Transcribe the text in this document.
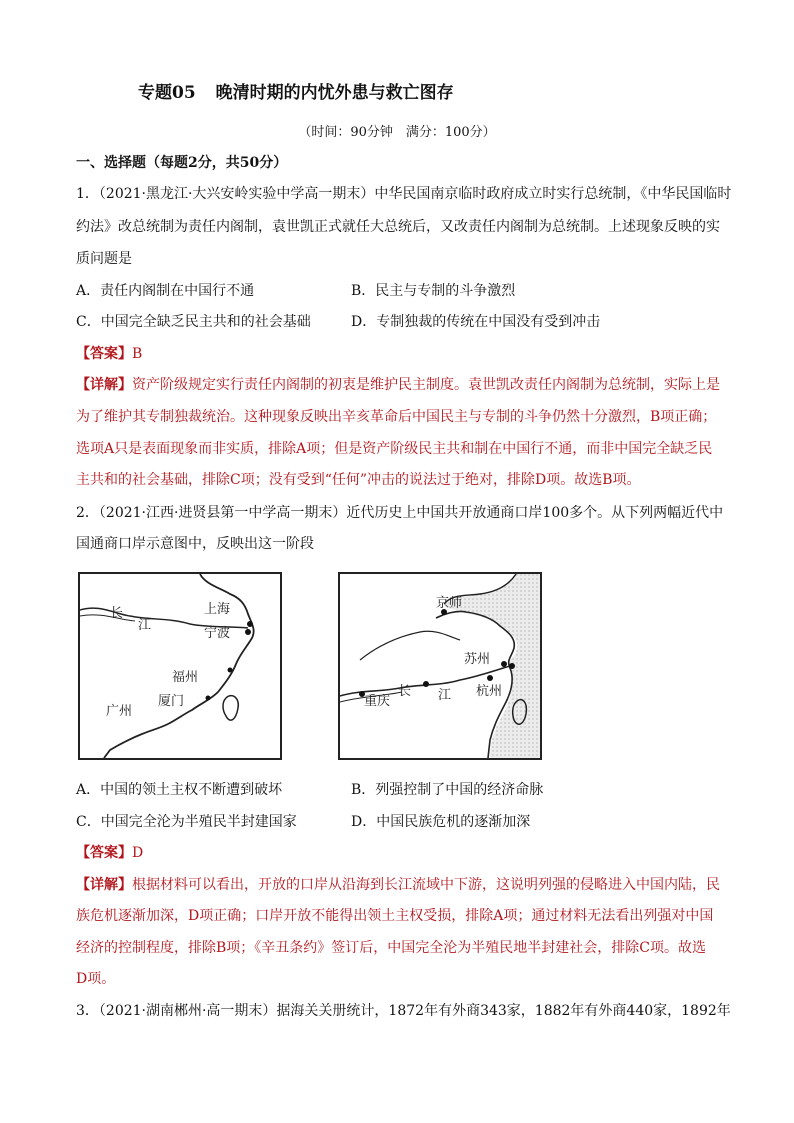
专题05 晚清时期的内忧外患与救亡图存
（时间：90分钟　满分：100分）
一、选择题（每题2分，共50分）
1．（2021·黑龙江·大兴安岭实验中学高一期末）中华民国南京临时政府成立时实行总统制，《中华民国临时
约法》改总统制为责任内阁制，袁世凯正式就任大总统后，又改责任内阁制为总统制。上述现象反映的实
质问题是
A．责任内阁制在中国行不通	B．民主与专制的斗争激烈
C．中国完全缺乏民主共和的社会基础	D．专制独裁的传统在中国没有受到冲击
【答案】B
【详解】资产阶级规定实行责任内阁制的初衷是维护民主制度。袁世凯改责任内阁制为总统制，实际上是
为了维护其专制独裁统治。这种现象反映出辛亥革命后中国民主与专制的斗争仍然十分激烈，B项正确；
选项A只是表面现象而非实质，排除A项；但是资产阶级民主共和制在中国行不通，而非中国完全缺乏民
主共和的社会基础，排除C项；没有受到“任何”冲击的说法过于绝对，排除D项。故选B项。
2．（2021·江西·进贤县第一中学高一期末）近代历史上中国共开放通商口岸100多个。从下列两幅近代中
国通商口岸示意图中，反映出这一阶段
长
江
上海
宁波
福州
厦门
广州
京师
苏州
重庆
长 江 杭州
A．中国的领土主权不断遭到破坏	B．列强控制了中国的经济命脉
C．中国完全沦为半殖民半封建国家	D．中国民族危机的逐渐加深
【答案】D
【详解】根据材料可以看出，开放的口岸从沿海到长江流域中下游，这说明列强的侵略进入中国内陆，民
族危机逐渐加深，D项正确；口岸开放不能得出领土主权受损，排除A项；通过材料无法看出列强对中国
经济的控制程度，排除B项；《辛丑条约》签订后，中国完全沦为半殖民地半封建社会，排除C项。故选
D项。
3．（2021·湖南郴州·高一期末）据海关关册统计，1872年有外商343家，1882年有外商440家，1892年
